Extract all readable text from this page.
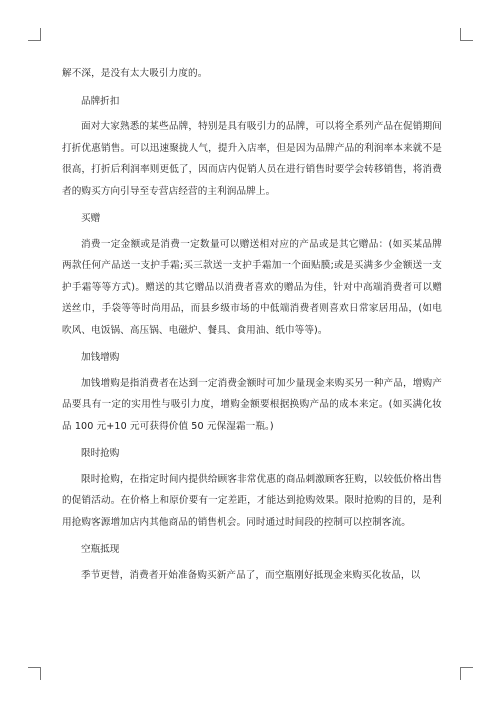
解不深，是没有太大吸引力度的。

品牌折扣

面对大家熟悉的某些品牌，特别是具有吸引力的品牌，可以将全系列产品在促销期间打折优惠销售。可以迅速聚拢人气，提升入店率，但是因为品牌产品的利润率本来就不是很高，打折后利润率则更低了，因而店内促销人员在进行销售时要学会转移销售，将消费者的购买方向引导至专营店经营的主利润品牌上。

买赠

消费一定金额或是消费一定数量可以赠送相对应的产品或是其它赠品：(如买某品牌两款任何产品送一支护手霜;买三款送一支护手霜加一个面贴膜;或是买满多少金额送一支护手霜等等方式)。赠送的其它赠品以消费者喜欢的赠品为佳，针对中高端消费者可以赠送丝巾，手袋等等时尚用品，而县乡级市场的中低端消费者则喜欢日常家居用品，(如电吹风、电饭锅、高压锅、电磁炉、餐具、食用油、纸巾等等)。

加钱增购

加钱增购是指消费者在达到一定消费金额时可加少量现金来购买另一种产品，增购产品要具有一定的实用性与吸引力度，增购金额要根据换购产品的成本来定。(如买满化妆品 100 元+10 元可获得价值 50 元保湿霜一瓶。)

限时抢购

限时抢购，在指定时间内提供给顾客非常优惠的商品刺激顾客狂购，以较低价格出售的促销活动。在价格上和原价要有一定差距，才能达到抢购效果。限时抢购的目的，是利用抢购客源增加店内其他商品的销售机会。同时通过时间段的控制可以控制客流。

空瓶抵现

季节更替，消费者开始准备购买新产品了，而空瓶刚好抵现金来购买化妆品，以
